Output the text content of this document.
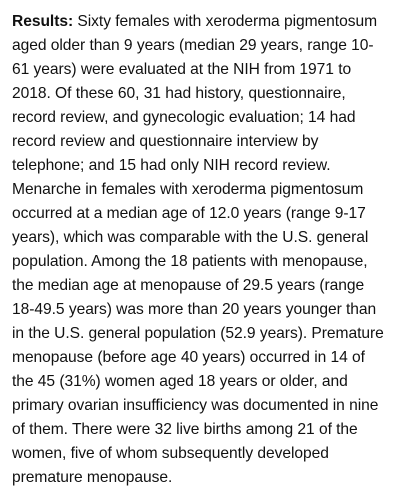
Results: Sixty females with xeroderma pigmentosum
aged older than 9 years (median 29 years, range 10-
61 years) were evaluated at the NIH from 1971 to
2018. Of these 60, 31 had history, questionnaire,
record review, and gynecologic evaluation; 14 had
record review and questionnaire interview by
telephone; and 15 had only NIH record review.
Menarche in females with xeroderma pigmentosum
occurred at a median age of 12.0 years (range 9-17
years), which was comparable with the U.S. general
population. Among the 18 patients with menopause,
the median age at menopause of 29.5 years (range
18-49.5 years) was more than 20 years younger than
in the U.S. general population (52.9 years). Premature
menopause (before age 40 years) occurred in 14 of
the 45 (31%) women aged 18 years or older, and
primary ovarian insufficiency was documented in nine
of them. There were 32 live births among 21 of the
women, five of whom subsequently developed
premature menopause.
